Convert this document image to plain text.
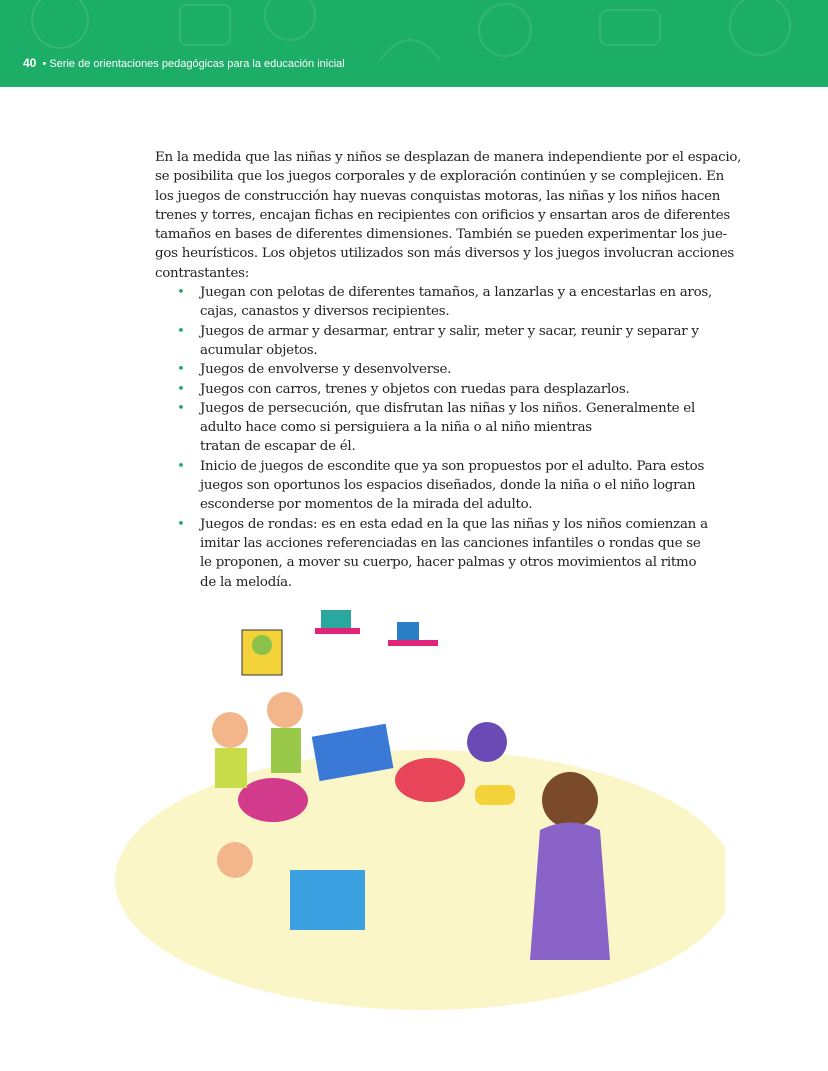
40 • Serie de orientaciones pedagógicas para la educación inicial
En la medida que las niñas y niños se desplazan de manera independiente por el espacio,
se posibilita que los juegos corporales y de exploración continúen y se complejicen. En
los juegos de construcción hay nuevas conquistas motoras, las niñas y los niños hacen
trenes y torres, encajan fichas en recipientes con orificios y ensartan aros de diferentes
tamaños en bases de diferentes dimensiones. También se pueden experimentar los jue-
gos heurísticos. Los objetos utilizados son más diversos y los juegos involucran acciones
contrastantes:
• Juegan con pelotas de diferentes tamaños, a lanzarlas y a encestarlas en aros,
cajas, canastos y diversos recipientes.
• Juegos de armar y desarmar, entrar y salir, meter y sacar, reunir y separar y
acumular objetos.
• Juegos de envolverse y desenvolverse.
• Juegos con carros, trenes y objetos con ruedas para desplazarlos.
• Juegos de persecución, que disfrutan las niñas y los niños. Generalmente el
adulto hace como si persiguiera a la niña o al niño mientras
tratan de escapar de él.
• Inicio de juegos de escondite que ya son propuestos por el adulto. Para estos
juegos son oportunos los espacios diseñados, donde la niña o el niño logran
esconderse por momentos de la mirada del adulto.
• Juegos de rondas: es en esta edad en la que las niñas y los niños comienzan a
imitar las acciones referenciadas en las canciones infantiles o rondas que se
le proponen, a mover su cuerpo, hacer palmas y otros movimientos al ritmo
de la melodía.
